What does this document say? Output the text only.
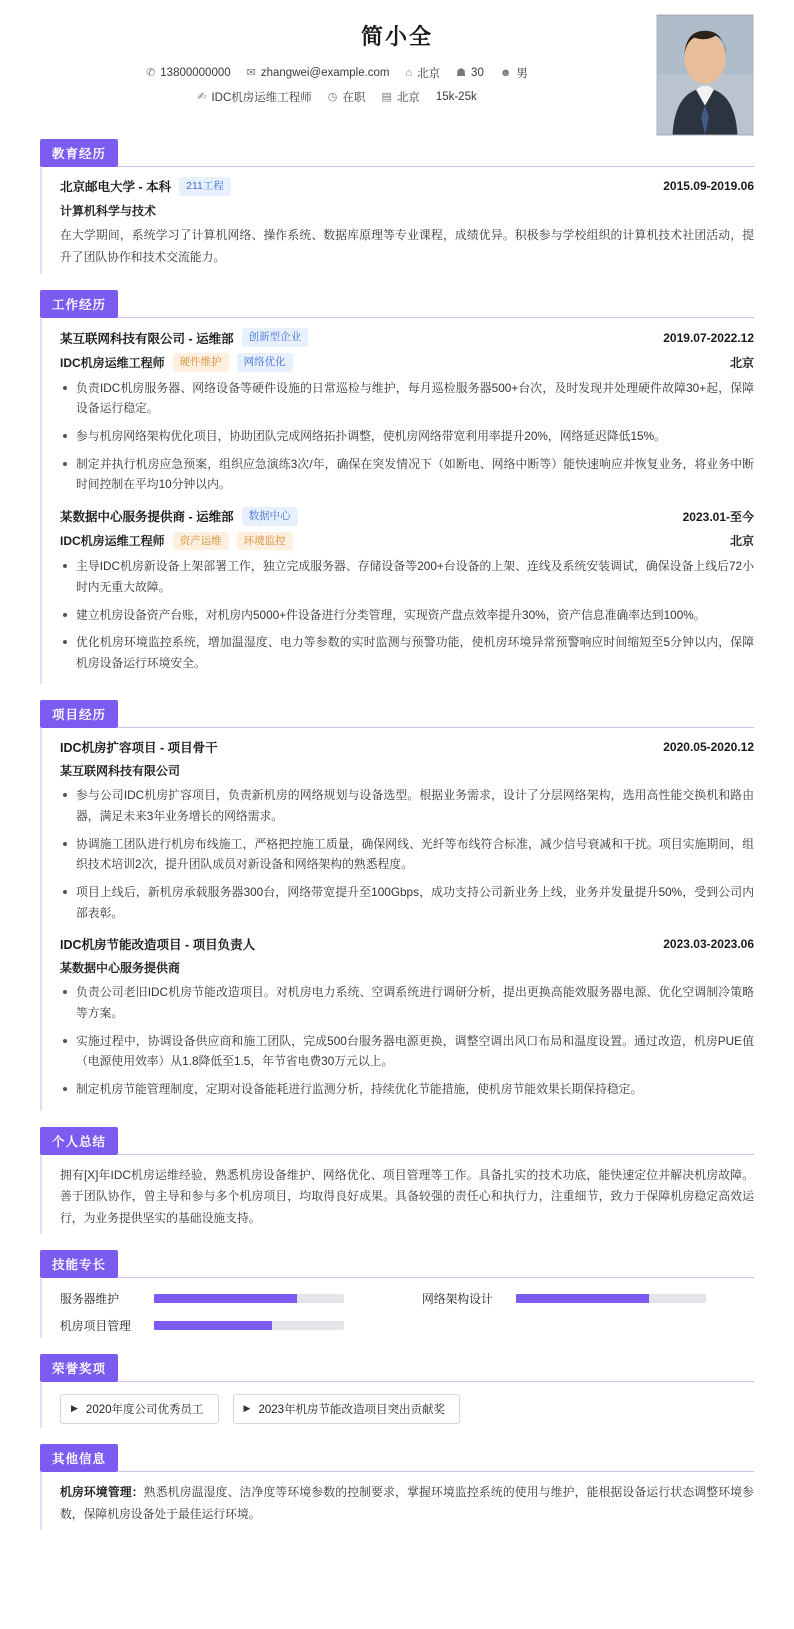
简小全
✆ 13800000000 ✉ zhangwei@example.com ⌂ 北京 ☗ 30 ☻ 男
✍ IDC机房运维工程师 ◷ 在职 ▤ 北京 15k-25k
教育经历
北京邮电大学 - 本科	211工程	2015.09-2019.06
计算机科学与技术
在大学期间，系统学习了计算机网络、操作系统、数据库原理等专业课程，成绩优异。积极参与学校组织的计算机技术社团活动，提升了团队协作和技术交流能力。
工作经历
某互联网科技有限公司 - 运维部	创新型企业	2019.07-2022.12
IDC机房运维工程师	硬件维护	网络优化	北京
负责IDC机房服务器、网络设备等硬件设施的日常巡检与维护，每月巡检服务器500+台次，及时发现并处理硬件故障30+起，保障设备运行稳定。
参与机房网络架构优化项目，协助团队完成网络拓扑调整，使机房网络带宽利用率提升20%，网络延迟降低15%。
制定并执行机房应急预案，组织应急演练3次/年，确保在突发情况下（如断电、网络中断等）能快速响应并恢复业务，将业务中断时间控制在平均10分钟以内。
某数据中心服务提供商 - 运维部	数据中心	2023.01-至今
IDC机房运维工程师	资产运维	环境监控	北京
主导IDC机房新设备上架部署工作，独立完成服务器、存储设备等200+台设备的上架、连线及系统安装调试，确保设备上线后72小时内无重大故障。
建立机房设备资产台账，对机房内5000+件设备进行分类管理，实现资产盘点效率提升30%，资产信息准确率达到100%。
优化机房环境监控系统，增加温湿度、电力等参数的实时监测与预警功能，使机房环境异常预警响应时间缩短至5分钟以内，保障机房设备运行环境安全。
项目经历
IDC机房扩容项目 - 项目骨干	2020.05-2020.12
某互联网科技有限公司
参与公司IDC机房扩容项目，负责新机房的网络规划与设备选型。根据业务需求，设计了分层网络架构，选用高性能交换机和路由器，满足未来3年业务增长的网络需求。
协调施工团队进行机房布线施工，严格把控施工质量，确保网线、光纤等布线符合标准，减少信号衰减和干扰。项目实施期间，组织技术培训2次，提升团队成员对新设备和网络架构的熟悉程度。
项目上线后，新机房承载服务器300台，网络带宽提升至100Gbps，成功支持公司新业务上线，业务并发量提升50%，受到公司内部表彰。
IDC机房节能改造项目 - 项目负责人	2023.03-2023.06
某数据中心服务提供商
负责公司老旧IDC机房节能改造项目。对机房电力系统、空调系统进行调研分析，提出更换高能效服务器电源、优化空调制冷策略等方案。
实施过程中，协调设备供应商和施工团队，完成500台服务器电源更换，调整空调出风口布局和温度设置。通过改造，机房PUE值（电源使用效率）从1.8降低至1.5，年节省电费30万元以上。
制定机房节能管理制度，定期对设备能耗进行监测分析，持续优化节能措施，使机房节能效果长期保持稳定。
个人总结
拥有[X]年IDC机房运维经验，熟悉机房设备维护、网络优化、项目管理等工作。具备扎实的技术功底，能快速定位并解决机房故障。善于团队协作，曾主导和参与多个机房项目，均取得良好成果。具备较强的责任心和执行力，注重细节，致力于保障机房稳定高效运行，为业务提供坚实的基础设施支持。
技能专长
服务器维护	网络架构设计
机房项目管理
荣誉奖项
▶ 2020年度公司优秀员工	▶ 2023年机房节能改造项目突出贡献奖
其他信息
机房环境管理：熟悉机房温湿度、洁净度等环境参数的控制要求，掌握环境监控系统的使用与维护，能根据设备运行状态调整环境参数，保障机房设备处于最佳运行环境。
